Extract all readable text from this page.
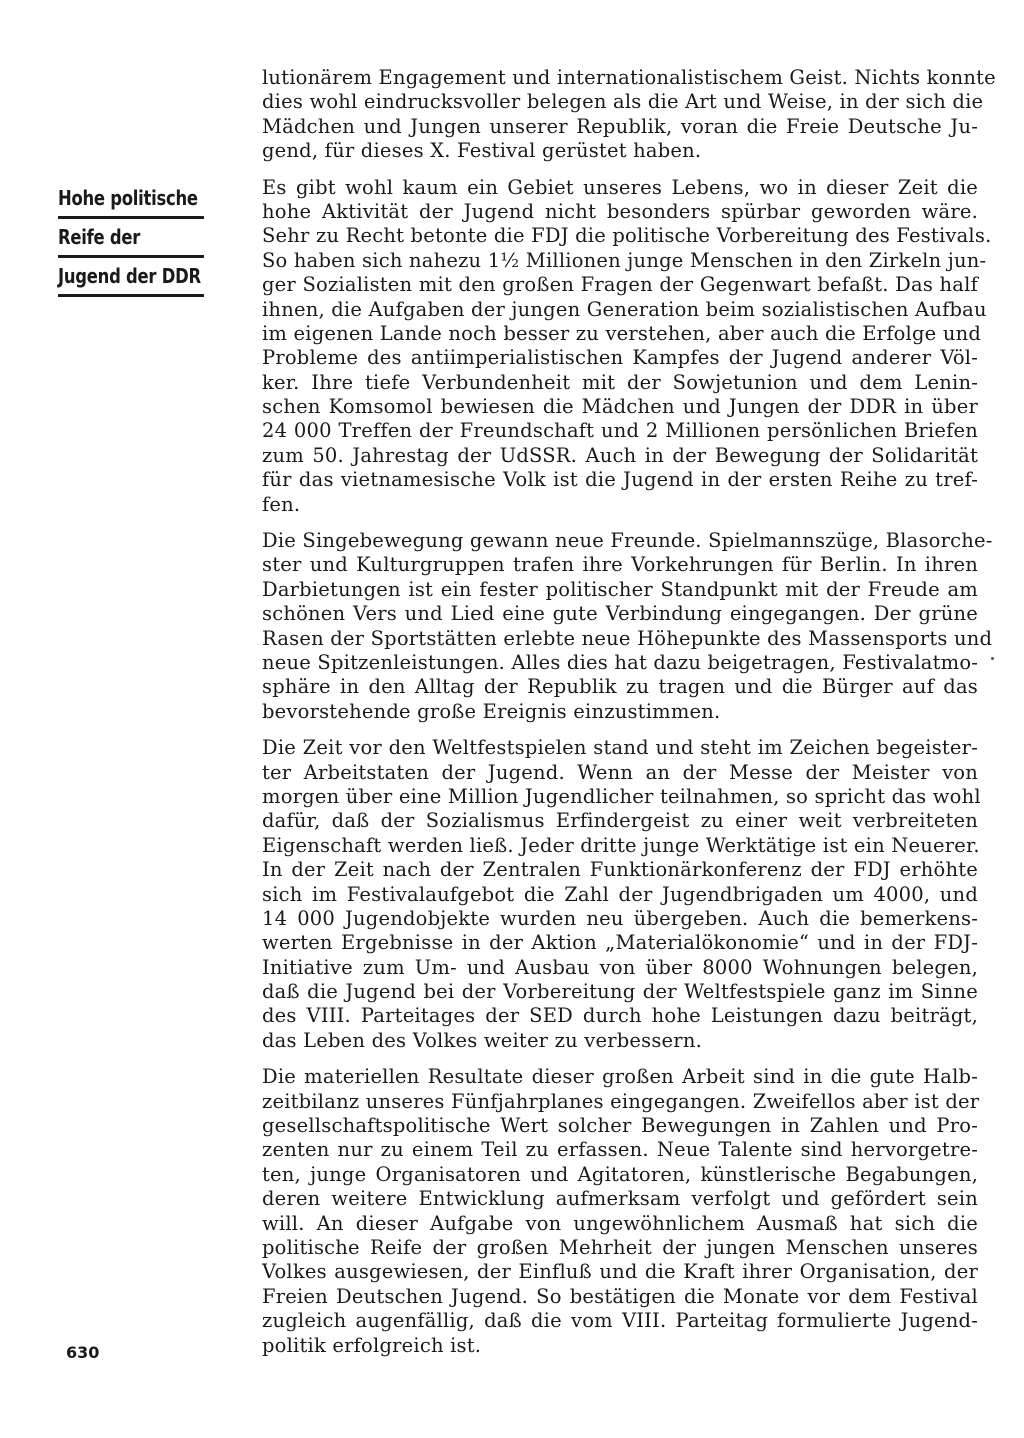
Hohe politische
Reife der
Jugend der DDR
lutionärem Engagement und internationalistischem Geist. Nichts konnte
dies wohl eindrucksvoller belegen als die Art und Weise, in der sich die
Mädchen und Jungen unserer Republik, voran die Freie Deutsche Ju-
gend, für dieses X. Festival gerüstet haben.
Es gibt wohl kaum ein Gebiet unseres Lebens, wo in dieser Zeit die
hohe Aktivität der Jugend nicht besonders spürbar geworden wäre.
Sehr zu Recht betonte die FDJ die politische Vorbereitung des Festivals.
So haben sich nahezu 1½ Millionen junge Menschen in den Zirkeln jun-
ger Sozialisten mit den großen Fragen der Gegenwart befaßt. Das half
ihnen, die Aufgaben der jungen Generation beim sozialistischen Aufbau
im eigenen Lande noch besser zu verstehen, aber auch die Erfolge und
Probleme des antiimperialistischen Kampfes der Jugend anderer Völ-
ker. Ihre tiefe Verbundenheit mit der Sowjetunion und dem Lenin-
schen Komsomol bewiesen die Mädchen und Jungen der DDR in über
24 000 Treffen der Freundschaft und 2 Millionen persönlichen Briefen
zum 50. Jahrestag der UdSSR. Auch in der Bewegung der Solidarität
für das vietnamesische Volk ist die Jugend in der ersten Reihe zu tref-
fen.
Die Singebewegung gewann neue Freunde. Spielmannszüge, Blasorche-
ster und Kulturgruppen trafen ihre Vorkehrungen für Berlin. In ihren
Darbietungen ist ein fester politischer Standpunkt mit der Freude am
schönen Vers und Lied eine gute Verbindung eingegangen. Der grüne
Rasen der Sportstätten erlebte neue Höhepunkte des Massensports und
neue Spitzenleistungen. Alles dies hat dazu beigetragen, Festivalatmo-
sphäre in den Alltag der Republik zu tragen und die Bürger auf das
bevorstehende große Ereignis einzustimmen.
Die Zeit vor den Weltfestspielen stand und steht im Zeichen begeister-
ter Arbeitstaten der Jugend. Wenn an der Messe der Meister von
morgen über eine Million Jugendlicher teilnahmen, so spricht das wohl
dafür, daß der Sozialismus Erfindergeist zu einer weit verbreiteten
Eigenschaft werden ließ. Jeder dritte junge Werktätige ist ein Neuerer.
In der Zeit nach der Zentralen Funktionärkonferenz der FDJ erhöhte
sich im Festivalaufgebot die Zahl der Jugendbrigaden um 4000, und
14 000 Jugendobjekte wurden neu übergeben. Auch die bemerkens-
werten Ergebnisse in der Aktion „Materialökonomie“ und in der FDJ-
Initiative zum Um- und Ausbau von über 8000 Wohnungen belegen,
daß die Jugend bei der Vorbereitung der Weltfestspiele ganz im Sinne
des VIII. Parteitages der SED durch hohe Leistungen dazu beiträgt,
das Leben des Volkes weiter zu verbessern.
Die materiellen Resultate dieser großen Arbeit sind in die gute Halb-
zeitbilanz unseres Fünfjahrplanes eingegangen. Zweifellos aber ist der
gesellschaftspolitische Wert solcher Bewegungen in Zahlen und Pro-
zenten nur zu einem Teil zu erfassen. Neue Talente sind hervorgetre-
ten, junge Organisatoren und Agitatoren, künstlerische Begabungen,
deren weitere Entwicklung aufmerksam verfolgt und gefördert sein
will. An dieser Aufgabe von ungewöhnlichem Ausmaß hat sich die
politische Reife der großen Mehrheit der jungen Menschen unseres
Volkes ausgewiesen, der Einfluß und die Kraft ihrer Organisation, der
Freien Deutschen Jugend. So bestätigen die Monate vor dem Festival
zugleich augenfällig, daß die vom VIII. Parteitag formulierte Jugend-
politik erfolgreich ist.
630
